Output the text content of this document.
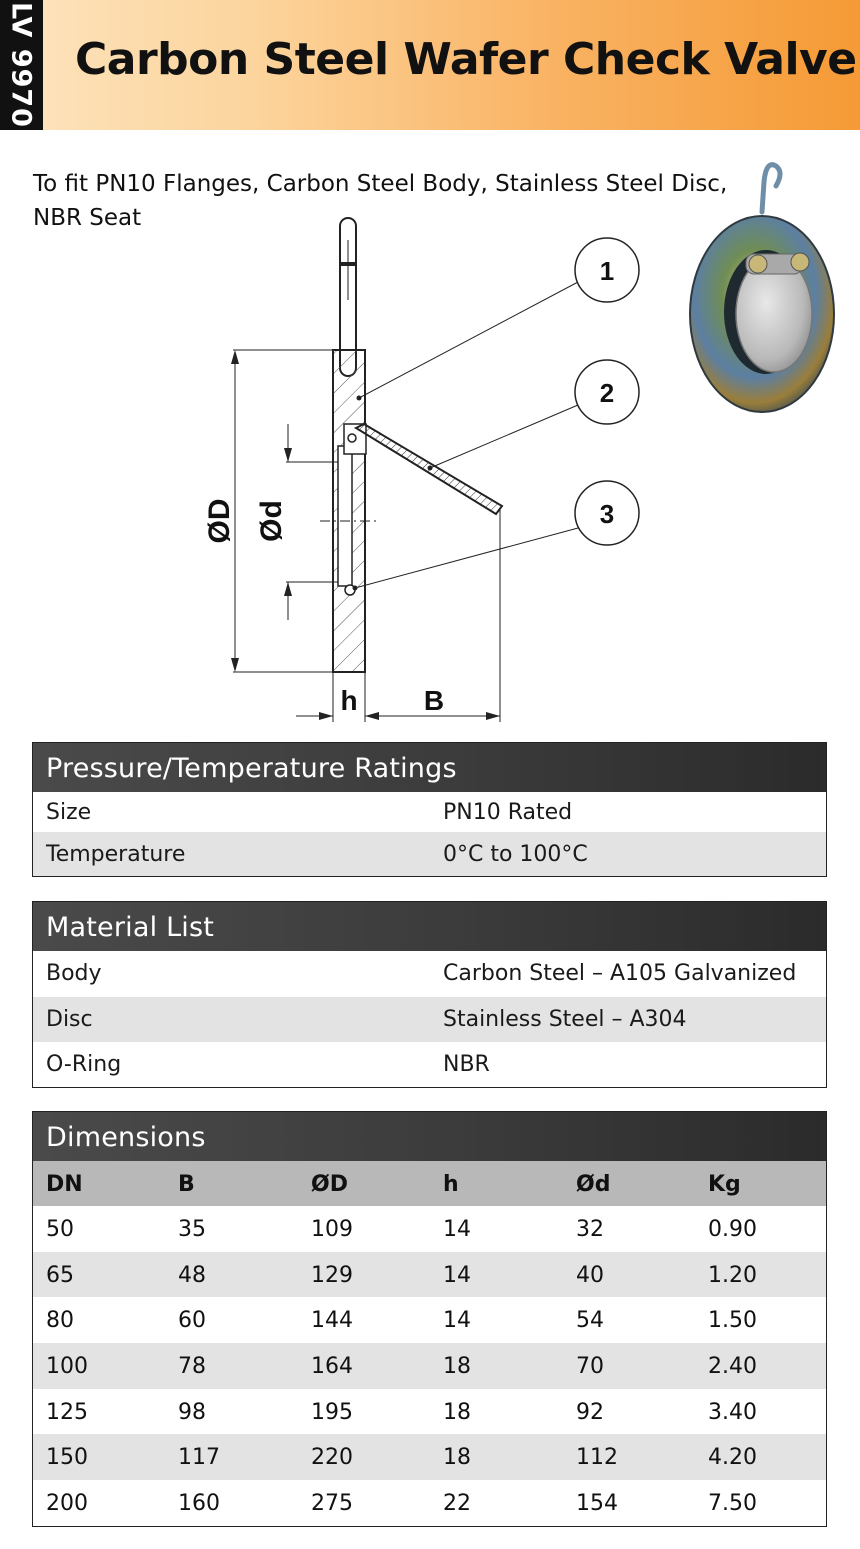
LV 9970 Carbon Steel Wafer Check Valve
To fit PN10 Flanges, Carbon Steel Body, Stainless Steel Disc, NBR Seat
ØD Ød
h B
1
2
3
Pressure/Temperature Ratings
Size	PN10 Rated
Temperature	0°C to 100°C
Material List
Body	Carbon Steel – A105 Galvanized
Disc	Stainless Steel – A304
O-Ring	NBR
Dimensions
DN	B	ØD	h	Ød	Kg
50	35	109	14	32	0.90
65	48	129	14	40	1.20
80	60	144	14	54	1.50
100	78	164	18	70	2.40
125	98	195	18	92	3.40
150	117	220	18	112	4.20
200	160	275	22	154	7.50
